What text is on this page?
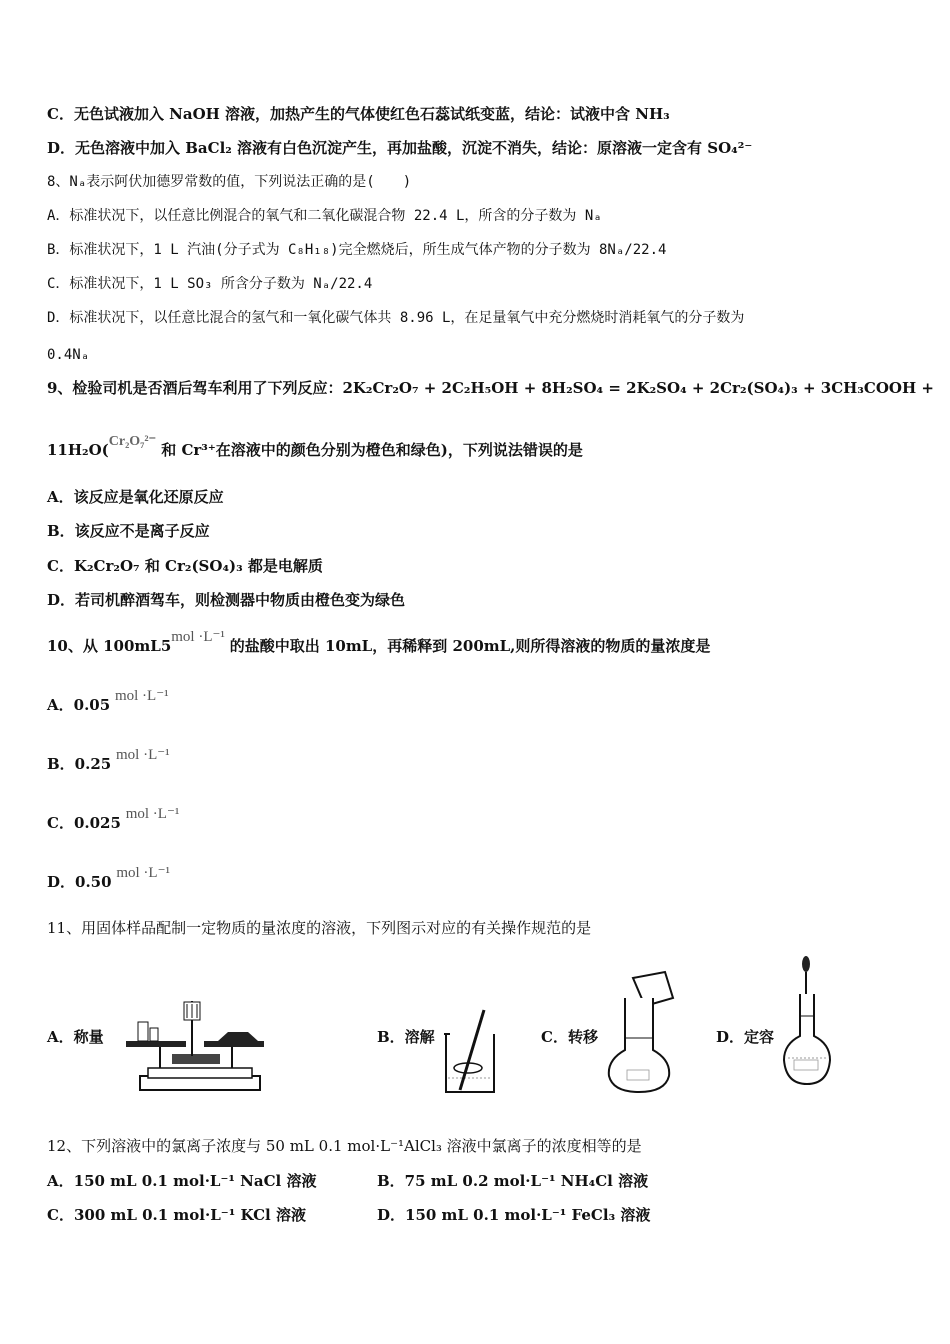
C．无色试液加入 NaOH 溶液，加热产生的气体使红色石蕊试纸变蓝，结论：试液中含 NH₃
D．无色溶液中加入 BaCl₂ 溶液有白色沉淀产生，再加盐酸，沉淀不消失，结论：原溶液一定含有 SO₄²⁻
8、Nₐ表示阿伏加德罗常数的值，下列说法正确的是(　　)
A．标准状况下，以任意比例混合的氧气和二氧化碳混合物 22.4 L，所含的分子数为 Nₐ
B．标准状况下，1 L 汽油(分子式为 C₈H₁₈)完全燃烧后，所生成气体产物的分子数为 8Nₐ/22.4
C．标准状况下，1 L SO₃ 所含分子数为 Nₐ/22.4
D．标准状况下，以任意比混合的氢气和一氧化碳气体共 8.96 L，在足量氧气中充分燃烧时消耗氧气的分子数为
0.4Nₐ
9、检验司机是否酒后驾车利用了下列反应：2K₂Cr₂O₇ + 2C₂H₅OH + 8H₂SO₄ = 2K₂SO₄ + 2Cr₂(SO₄)₃ + 3CH₃COOH +
11H₂O(Cr₂O₇²⁻ 和 Cr³⁺在溶液中的颜色分别为橙色和绿色)，下列说法错误的是
A．该反应是氧化还原反应
B．该反应不是离子反应
C．K₂Cr₂O₇ 和 Cr₂(SO₄)₃ 都是电解质
D．若司机醉酒驾车，则检测器中物质由橙色变为绿色
10、从 100mL5mol ·L⁻¹ 的盐酸中取出 10mL，再稀释到 200mL,则所得溶液的物质的量浓度是
A．0.05 mol ·L⁻¹
B．0.25 mol ·L⁻¹
C．0.025 mol ·L⁻¹
D．0.50 mol ·L⁻¹
11、用固体样品配制一定物质的量浓度的溶液，下列图示对应的有关操作规范的是
A．称量	B．溶解	C．转移	D．定容
12、下列溶液中的氯离子浓度与 50 mL 0.1 mol·L⁻¹AlCl₃ 溶液中氯离子的浓度相等的是
A．150 mL 0.1 mol·L⁻¹ NaCl 溶液	B．75 mL 0.2 mol·L⁻¹ NH₄Cl 溶液
C．300 mL 0.1 mol·L⁻¹ KCl 溶液	D．150 mL 0.1 mol·L⁻¹ FeCl₃ 溶液
